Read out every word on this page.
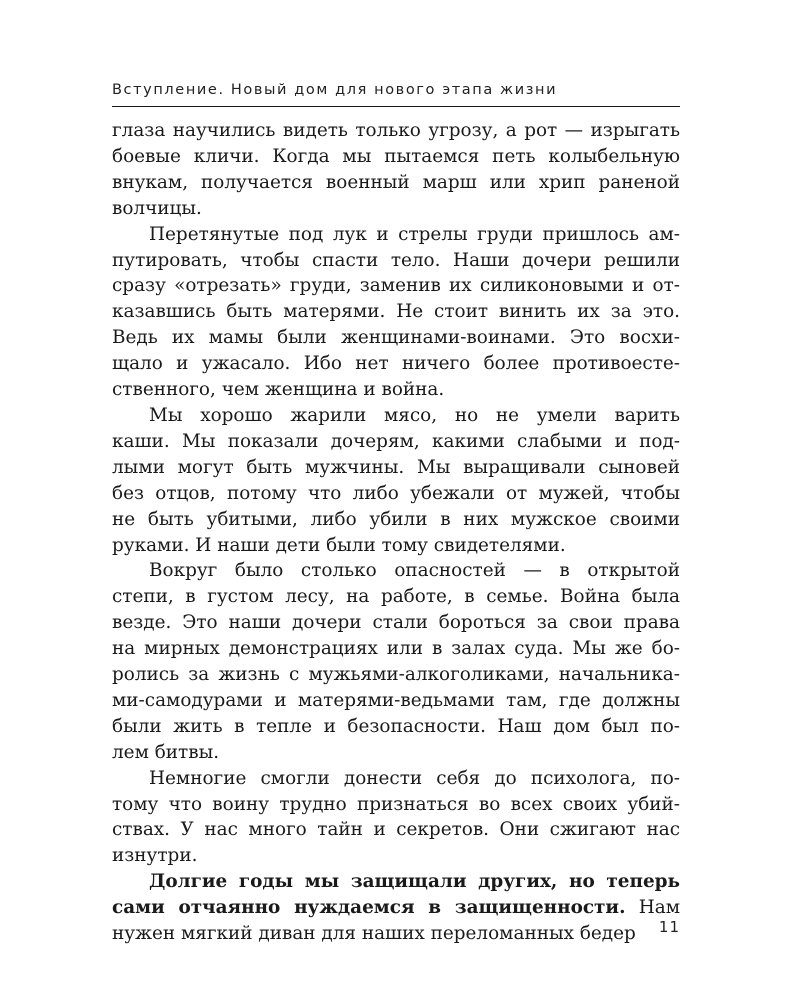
Вступление. Новый дом для нового этапа жизни

глаза научились видеть только угрозу, а рот — изрыгать
боевые кличи. Когда мы пытаемся петь колыбельную
внукам, получается военный марш или хрип раненой
волчицы.

Перетянутые под лук и стрелы груди пришлось ам-
путировать, чтобы спасти тело. Наши дочери решили
сразу «отрезать» груди, заменив их силиконовыми и от-
казавшись быть матерями. Не стоит винить их за это.
Ведь их мамы были женщинами-воинами. Это восхи-
щало и ужасало. Ибо нет ничего более противоесте-
ственного, чем женщина и война.

Мы хорошо жарили мясо, но не умели варить
каши. Мы показали дочерям, какими слабыми и под-
лыми могут быть мужчины. Мы выращивали сыновей
без отцов, потому что либо убежали от мужей, чтобы
не быть убитыми, либо убили в них мужское своими
руками. И наши дети были тому свидетелями.

Вокруг было столько опасностей — в открытой
степи, в густом лесу, на работе, в семье. Война была
везде. Это наши дочери стали бороться за свои права
на мирных демонстрациях или в залах суда. Мы же бо-
ролись за жизнь с мужьями-алкоголиками, начальника-
ми-самодурами и матерями-ведьмами там, где должны
были жить в тепле и безопасности. Наш дом был по-
лем битвы.

Немногие смогли донести себя до психолога, по-
тому что воину трудно признаться во всех своих убий-
ствах. У нас много тайн и секретов. Они сжигают нас
изнутри.

Долгие годы мы защищали других, но теперь
сами отчаянно нуждаемся в защищенности. Нам
нужен мягкий диван для наших переломанных бедер	11
